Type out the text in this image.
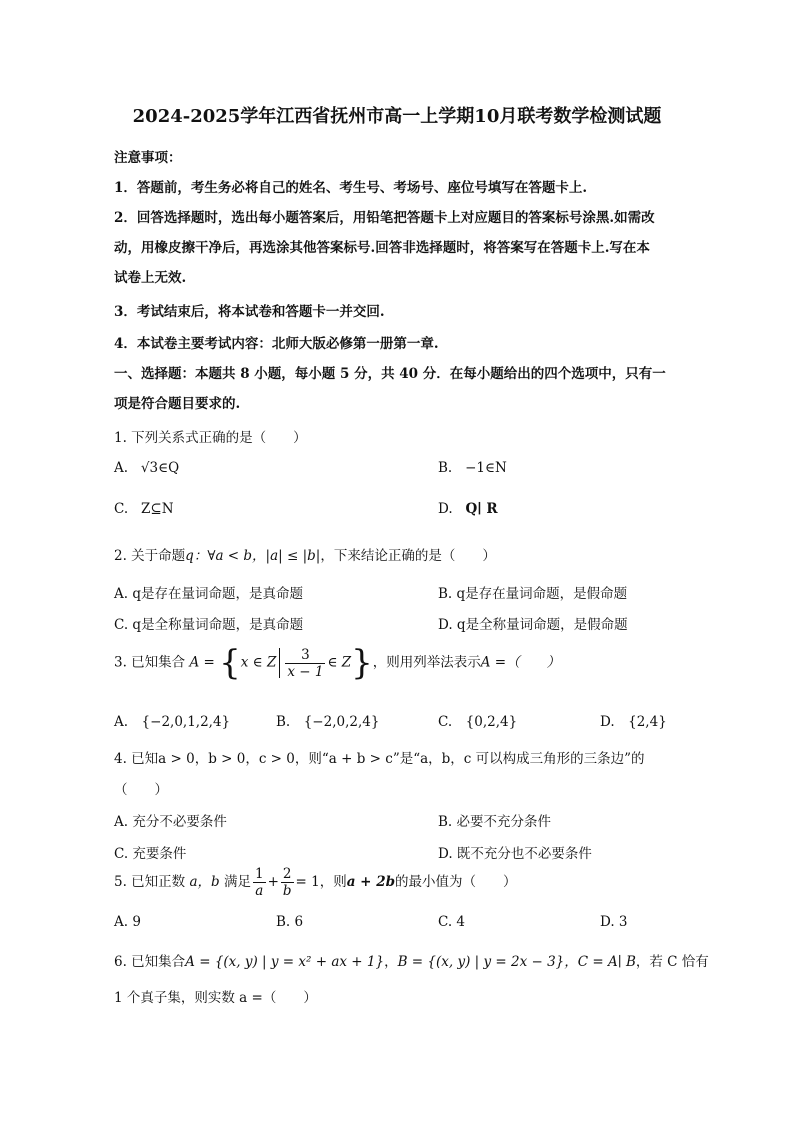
2024-2025学年江西省抚州市高一上学期10月联考数学检测试题
注意事项：
1．答题前，考生务必将自己的姓名、考生号、考场号、座位号填写在答题卡上.
2．回答选择题时，选出每小题答案后，用铅笔把答题卡上对应题目的答案标号涂黑.如需改
动，用橡皮擦干净后，再选涂其他答案标号.回答非选择题时，将答案写在答题卡上.写在本
试卷上无效.
3．考试结束后，将本试卷和答题卡一并交回.
4．本试卷主要考试内容：北师大版必修第一册第一章.
一、选择题：本题共 8 小题，每小题 5 分，共 40 分．在每小题给出的四个选项中，只有一
项是符合题目要求的.
1. 下列关系式正确的是（　　）
A. √3∈Q	B. −1∈N
C. Z⊆N	D. Q∣ R
2. 关于命题q：∀a < b，|a| ≤ |b|，下来结论正确的是（　　）
A. q是存在量词命题，是真命题	B. q是存在量词命题，是假命题
C. q是全称量词命题，是真命题	D. q是全称量词命题，是假命题
3. 已知集合 A = {x ∈ Z $\frac{3}{x - 1}$ ∈ Z}，则用列举法表示A =（　　）
A.　{−2,0,1,2,4}	B.　{−2,0,2,4}	C.　{0,2,4}	D.　{2,4}
4. 已知a > 0，b > 0，c > 0，则“a + b > c”是“a，b，c 可以构成三角形的三条边”的
（　　）
A. 充分不必要条件	B. 必要不充分条件
C. 充要条件	D. 既不充分也不必要条件
5. 已知正数 a，b 满足 $\frac{1}{a} + \frac{2}{b} = 1$，则a + 2b的最小值为（　　）
A. 9	B. 6	C. 4	D. 3
6. 已知集合A = {(x, y) | y = x² + ax + 1}，B = {(x, y) | y = 2x − 3}，C = A∣ B，若 C 恰有
1 个真子集，则实数 a =（　　）
